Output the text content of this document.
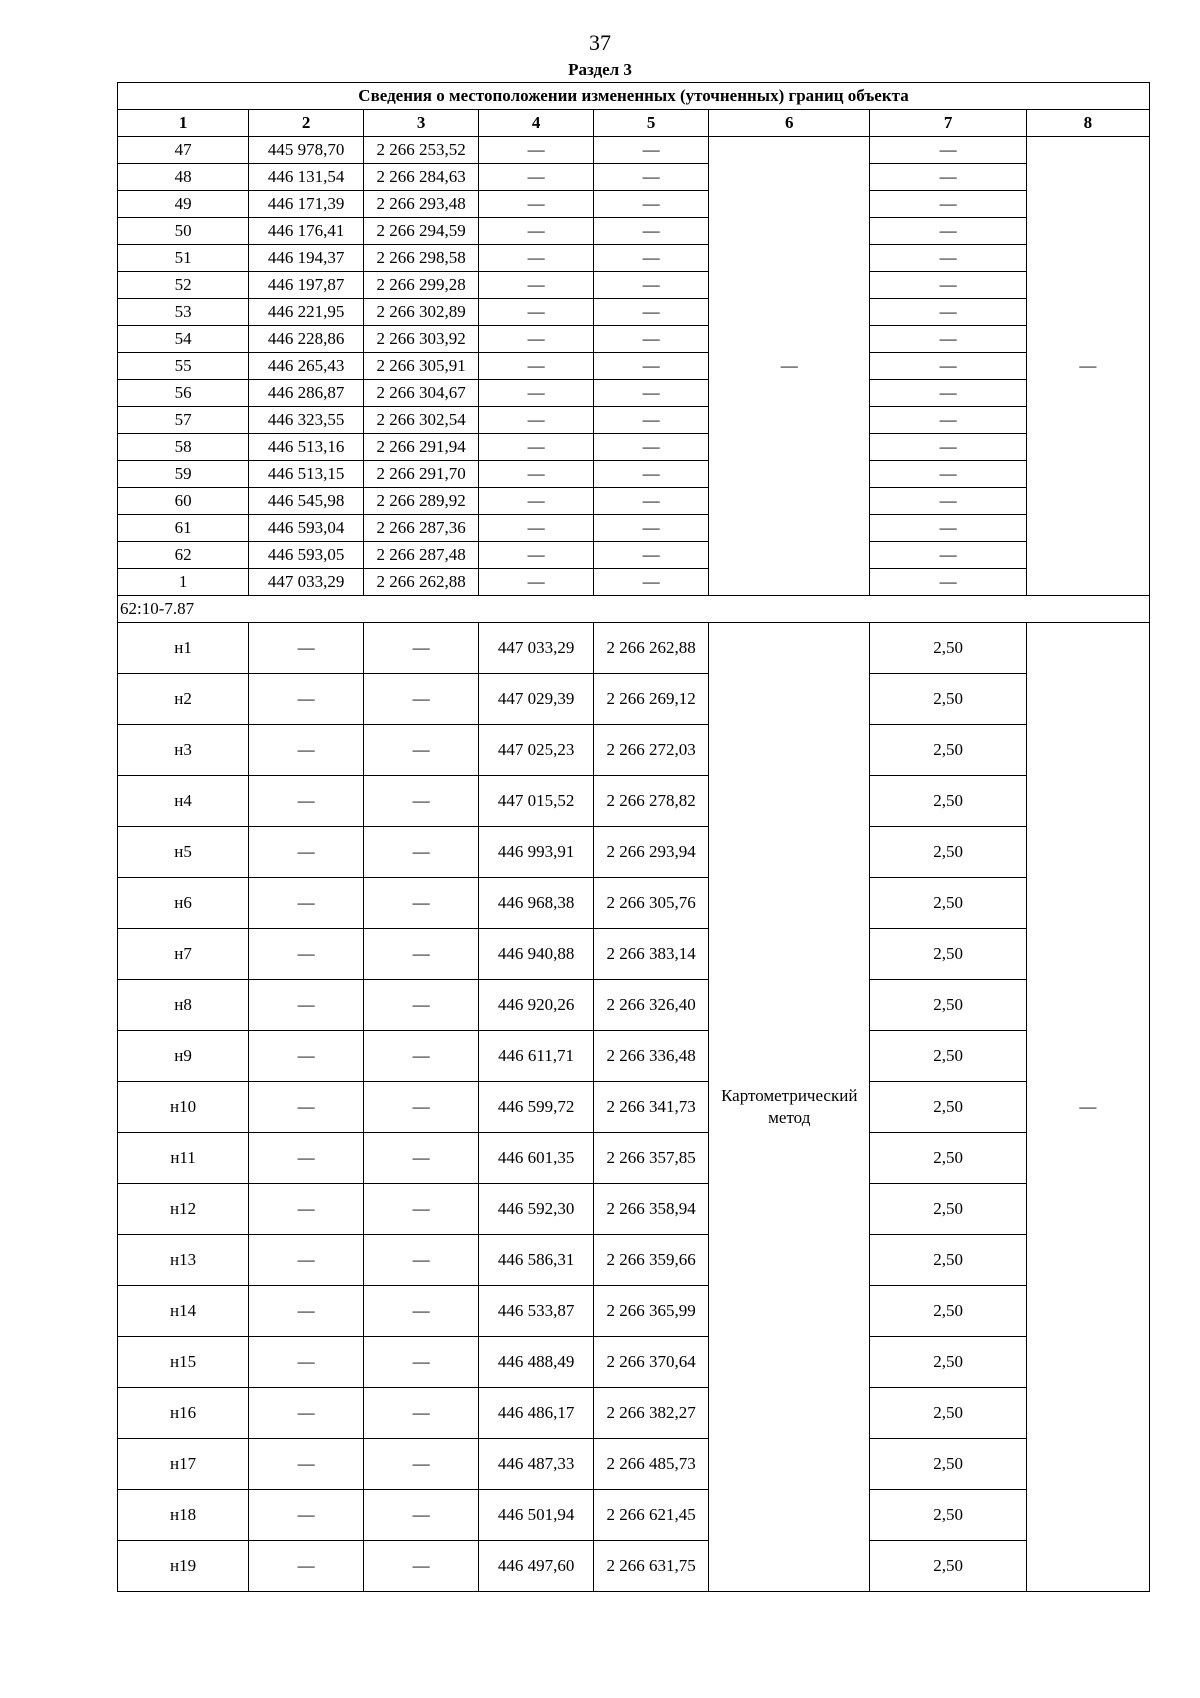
37
Раздел 3
Сведения о местоположении измененных (уточненных) границ объекта							
1	2	3	4	5	6	7	8
47	445 978,70	2 266 253,52	—	—	—	—	—
48	446 131,54	2 266 284,63	—	—		—	
49	446 171,39	2 266 293,48	—	—		—	
50	446 176,41	2 266 294,59	—	—		—	
51	446 194,37	2 266 298,58	—	—		—	
52	446 197,87	2 266 299,28	—	—		—	
53	446 221,95	2 266 302,89	—	—		—	
54	446 228,86	2 266 303,92	—	—		—	
55	446 265,43	2 266 305,91	—	—		—	
56	446 286,87	2 266 304,67	—	—		—	
57	446 323,55	2 266 302,54	—	—		—	
58	446 513,16	2 266 291,94	—	—		—	
59	446 513,15	2 266 291,70	—	—		—	
60	446 545,98	2 266 289,92	—	—		—	
61	446 593,04	2 266 287,36	—	—		—	
62	446 593,05	2 266 287,48	—	—		—	
1	447 033,29	2 266 262,88	—	—		—	
62:10-7.87							
н1	—	—	447 033,29	2 266 262,88	Картометрический метод	2,50	—
н2	—	—	447 029,39	2 266 269,12		2,50	
н3	—	—	447 025,23	2 266 272,03		2,50	
н4	—	—	447 015,52	2 266 278,82		2,50	
н5	—	—	446 993,91	2 266 293,94		2,50	
н6	—	—	446 968,38	2 266 305,76		2,50	
н7	—	—	446 940,88	2 266 383,14		2,50	
н8	—	—	446 920,26	2 266 326,40		2,50	
н9	—	—	446 611,71	2 266 336,48		2,50	
н10	—	—	446 599,72	2 266 341,73		2,50	
н11	—	—	446 601,35	2 266 357,85		2,50	
н12	—	—	446 592,30	2 266 358,94		2,50	
н13	—	—	446 586,31	2 266 359,66		2,50	
н14	—	—	446 533,87	2 266 365,99		2,50	
н15	—	—	446 488,49	2 266 370,64		2,50	
н16	—	—	446 486,17	2 266 382,27		2,50	
н17	—	—	446 487,33	2 266 485,73		2,50	
н18	—	—	446 501,94	2 266 621,45		2,50	
н19	—	—	446 497,60	2 266 631,75		2,50	
